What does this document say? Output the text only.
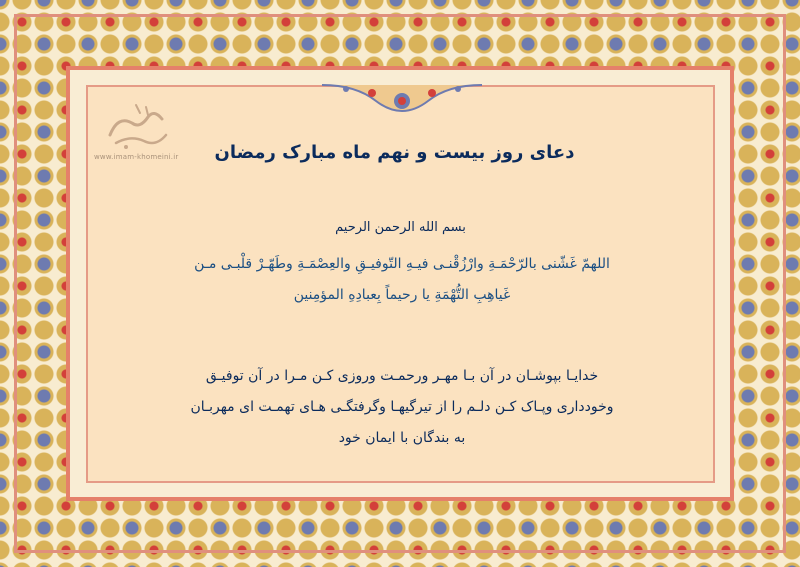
www.imam-khomeini.ir	دعای روز بیست و نهم ماه مبارک رمضان
بسم الله الرحمن الرحیم
اللهمّ غَشّنی بالرّحْمَـةِ وارْزُقْنـی فیـهِ التّوفیـقِ والعِصْمَـةِ وطَهّـرْ قلْبـی مـن
غَیاهِبِ التُّهْمَةِ یا رحیماً بِعبادِهِ المؤمِنین
خدایـا بپوشـان در آن بـا مهـر ورحمـت وروزی کـن مـرا در آن توفیـق
وخودداری وپـاک کـن دلـم را از تیرگیهـا وگرفتگـی هـای تهمـت ای مهربـان
به بندگان با ایمان خود
